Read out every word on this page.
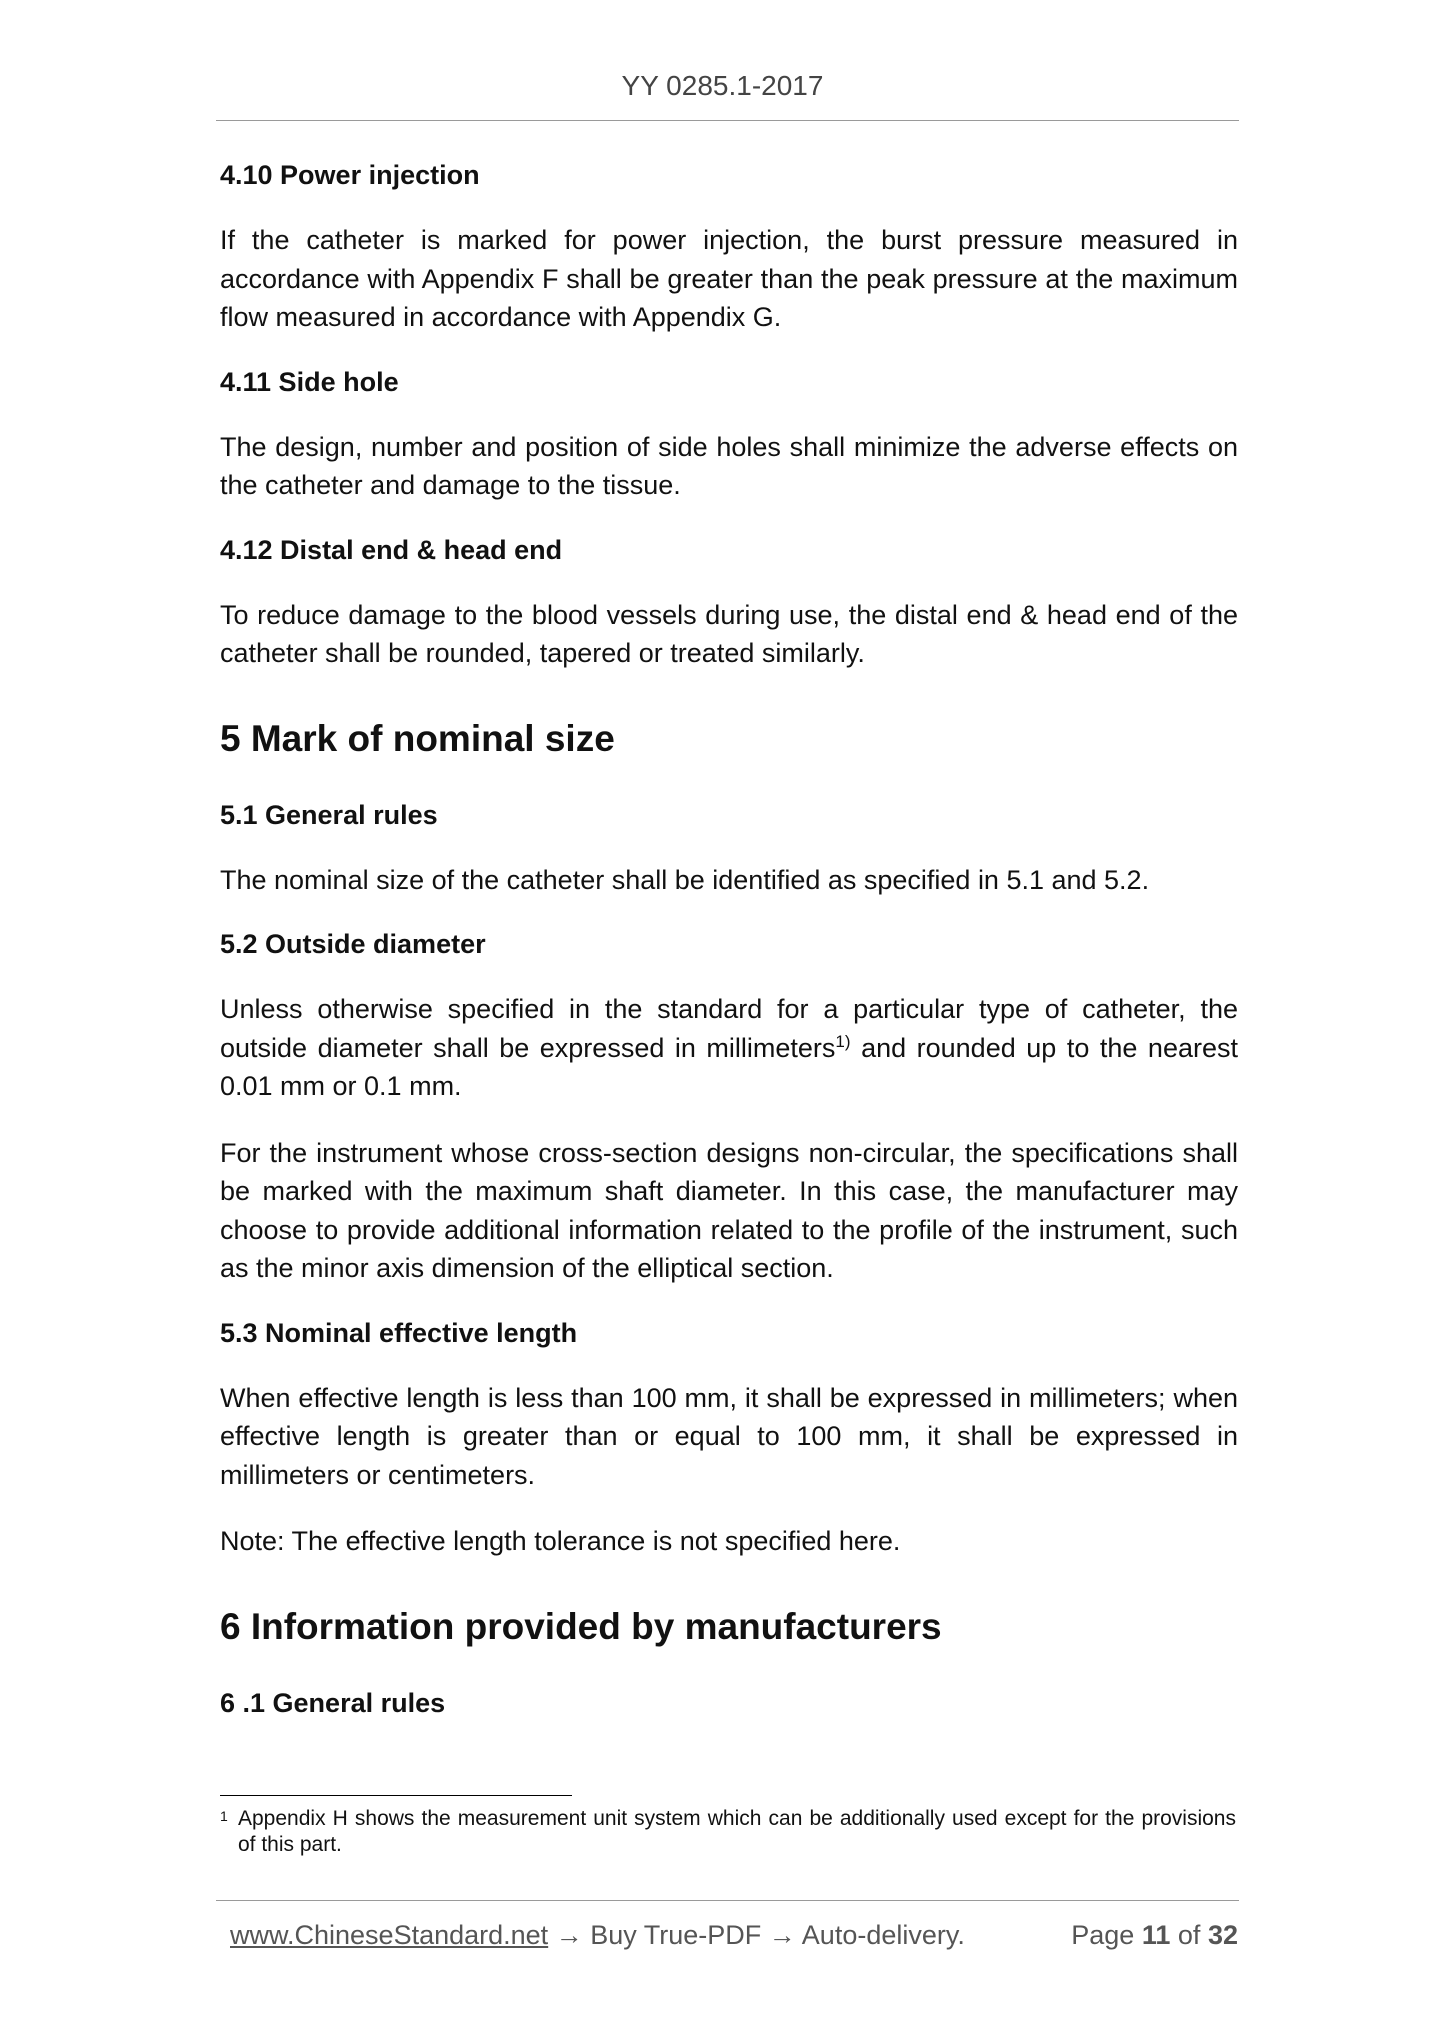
YY 0285.1-2017
4.10 Power injection

If the catheter is marked for power injection, the burst pressure measured in accordance with Appendix F shall be greater than the peak pressure at the maximum flow measured in accordance with Appendix G.

4.11 Side hole

The design, number and position of side holes shall minimize the adverse effects on the catheter and damage to the tissue.

4.12 Distal end & head end

To reduce damage to the blood vessels during use, the distal end & head end of the catheter shall be rounded, tapered or treated similarly.

5 Mark of nominal size
5.1 General rules

The nominal size of the catheter shall be identified as specified in 5.1 and 5.2.

5.2 Outside diameter

Unless otherwise specified in the standard for a particular type of catheter, the outside diameter shall be expressed in millimeters$^{1)}$ and rounded up to the nearest 0.01 mm or 0.1 mm.

For the instrument whose cross-section designs non-circular, the specifications shall be marked with the maximum shaft diameter. In this case, the manufacturer may choose to provide additional information related to the profile of the instrument, such as the minor axis dimension of the elliptical section.

5.3 Nominal effective length

When effective length is less than 100 mm, it shall be expressed in millimeters; when effective length is greater than or equal to 100 mm, it shall be expressed in millimeters or centimeters.

Note: The effective length tolerance is not specified here.

6 Information provided by manufacturers
6 .1 General rules
1 Appendix H shows the measurement unit system which can be additionally used except for the provisions of this part.
www.ChineseStandard.net → Buy True-PDF → Auto-delivery.	Page 11 of 32
